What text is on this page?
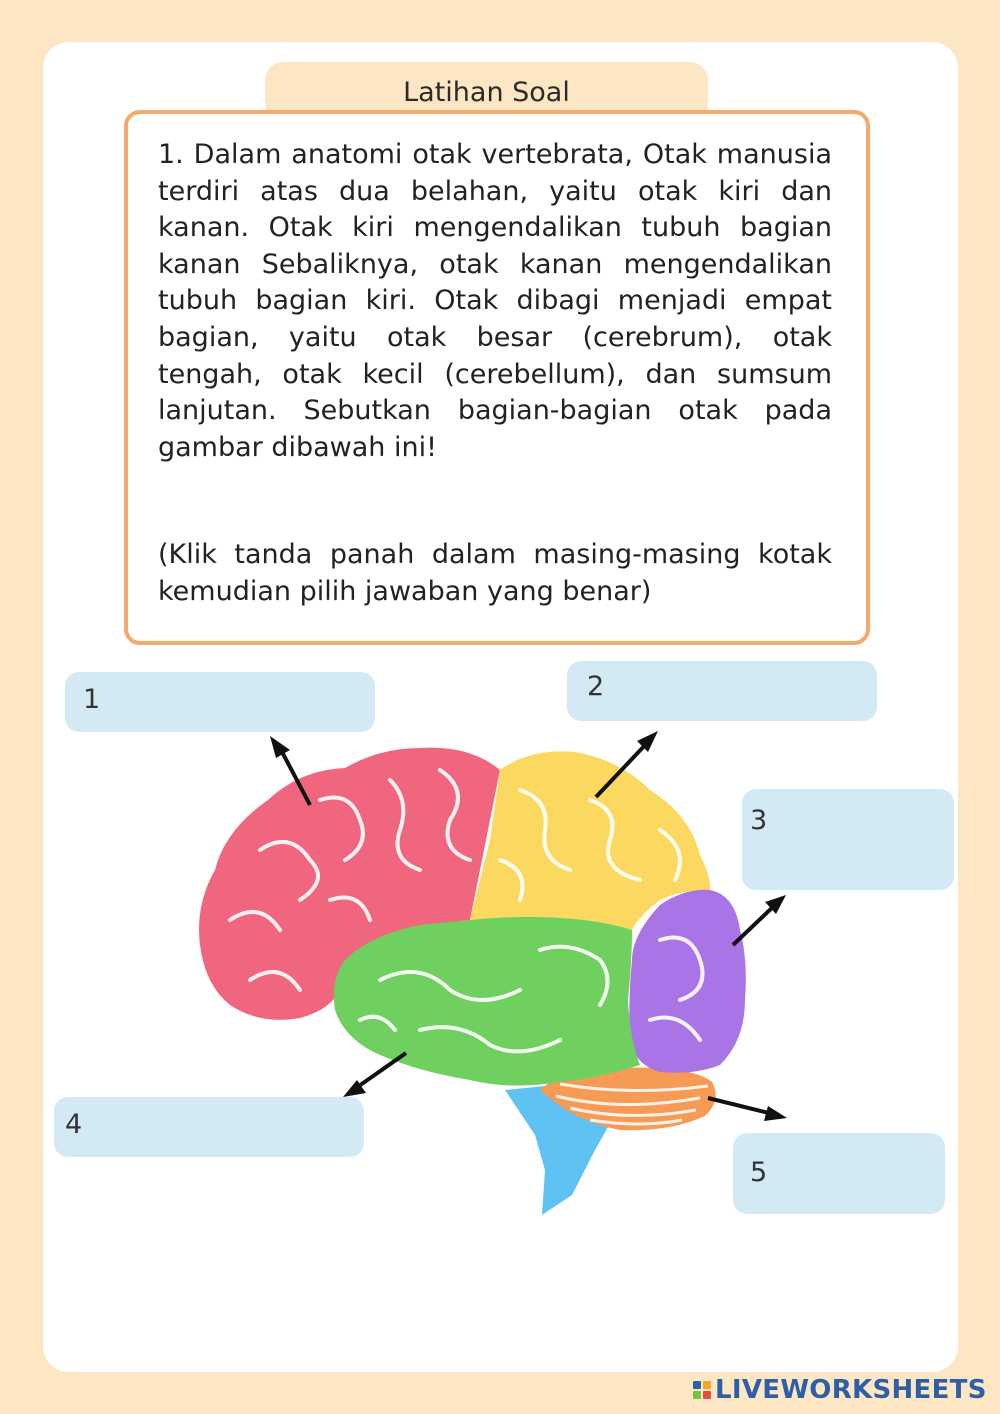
Latihan Soal

1. Dalam anatomi otak vertebrata, Otak manusia terdiri atas dua belahan, yaitu otak kiri dan kanan. Otak kiri mengendalikan tubuh bagian kanan Sebaliknya, otak kanan mengendalikan tubuh bagian kiri. Otak dibagi menjadi empat bagian, yaitu otak besar (cerebrum), otak tengah, otak kecil (cerebellum), dan sumsum lanjutan. Sebutkan bagian-bagian otak pada gambar dibawah ini!

(Klik tanda panah dalam masing-masing kotak kemudian pilih jawaban yang benar)

1	2
3
4
5
LIVEWORKSHEETS
